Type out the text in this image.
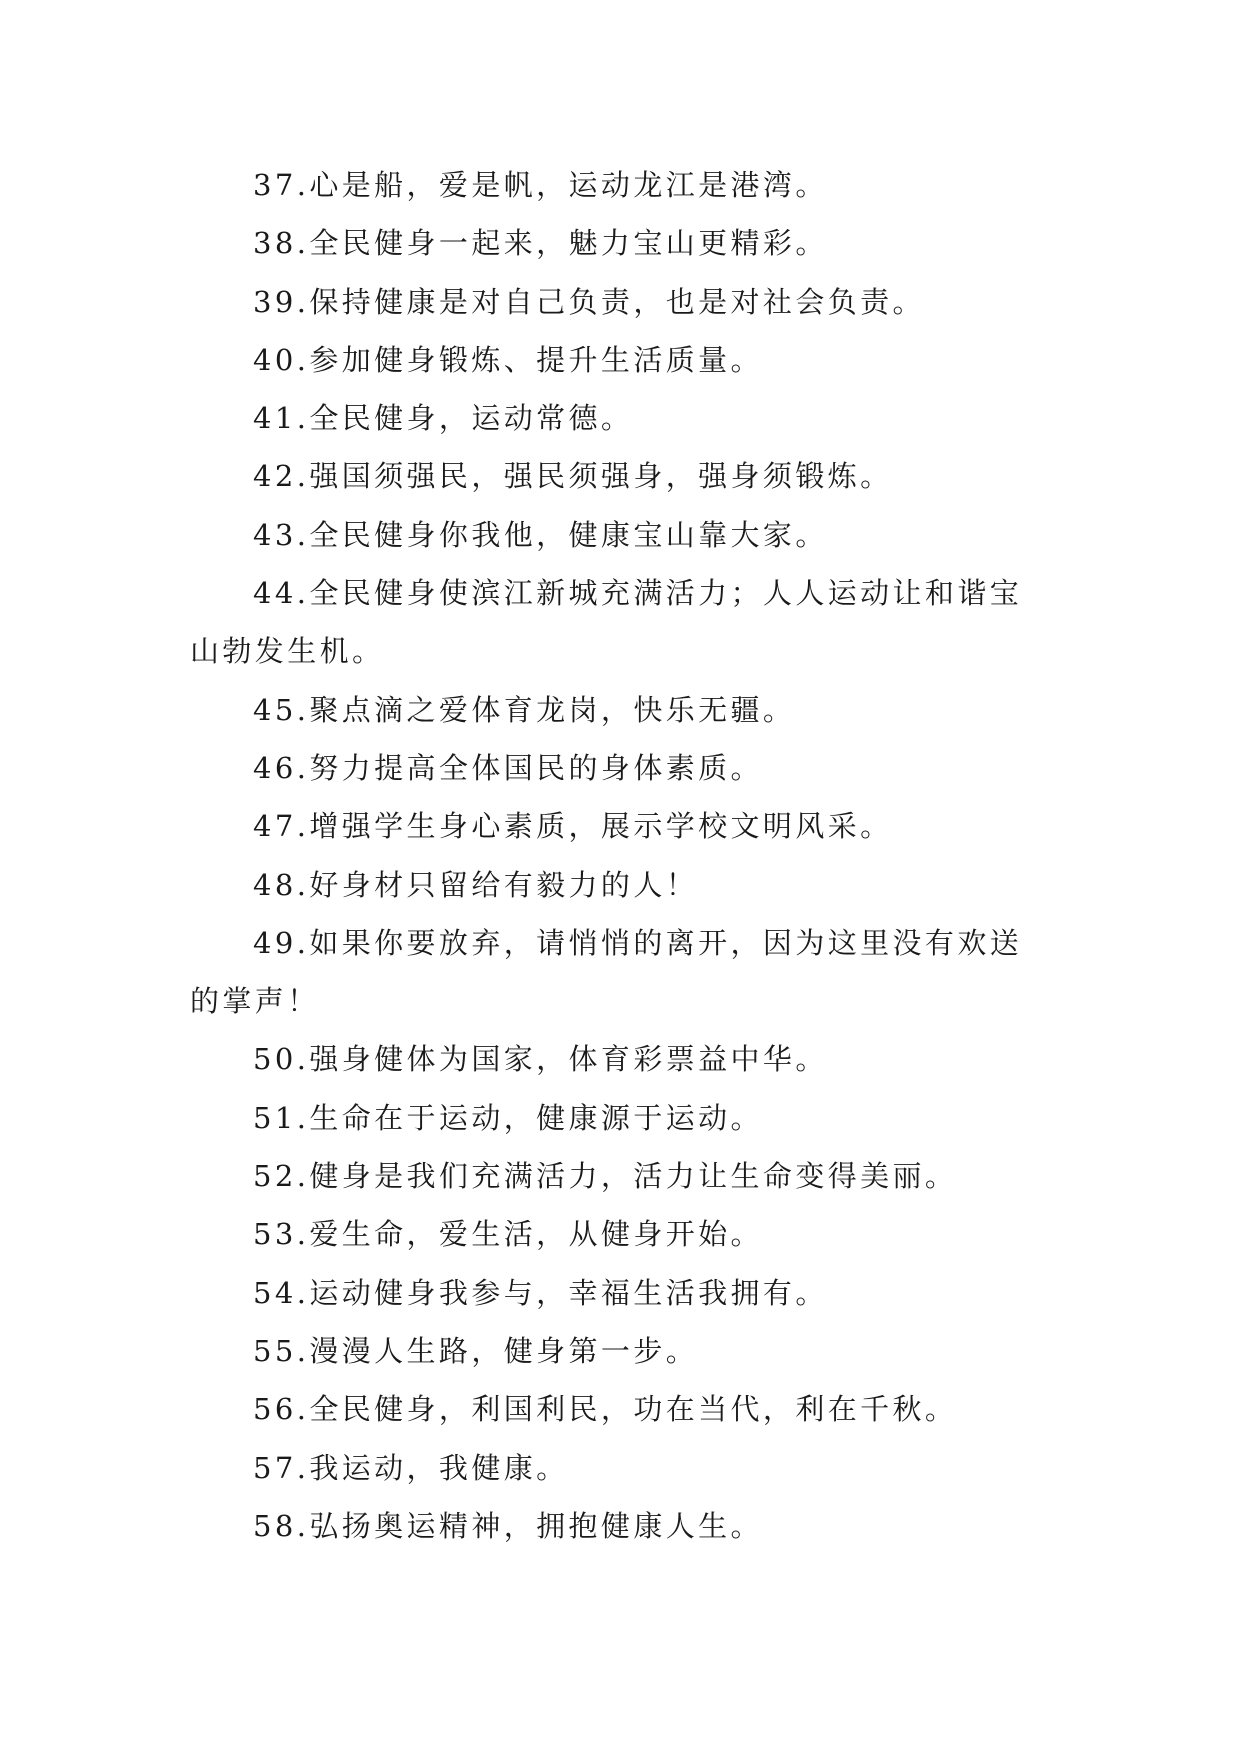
37.心是船，爱是帆，运动龙江是港湾。

38.全民健身一起来，魅力宝山更精彩。

39.保持健康是对自己负责，也是对社会负责。

40.参加健身锻炼、提升生活质量。

41.全民健身，运动常德。

42.强国须强民，强民须强身，强身须锻炼。

43.全民健身你我他，健康宝山靠大家。

44.全民健身使滨江新城充满活力；人人运动让和谐宝山勃发生机。

45.聚点滴之爱体育龙岗，快乐无疆。

46.努力提高全体国民的身体素质。

47.增强学生身心素质，展示学校文明风采。

48.好身材只留给有毅力的人！

49.如果你要放弃，请悄悄的离开，因为这里没有欢送的掌声！

50.强身健体为国家，体育彩票益中华。

51.生命在于运动，健康源于运动。

52.健身是我们充满活力，活力让生命变得美丽。

53.爱生命，爱生活，从健身开始。

54.运动健身我参与，幸福生活我拥有。

55.漫漫人生路，健身第一步。

56.全民健身，利国利民，功在当代，利在千秋。

57.我运动，我健康。

58.弘扬奥运精神，拥抱健康人生。
